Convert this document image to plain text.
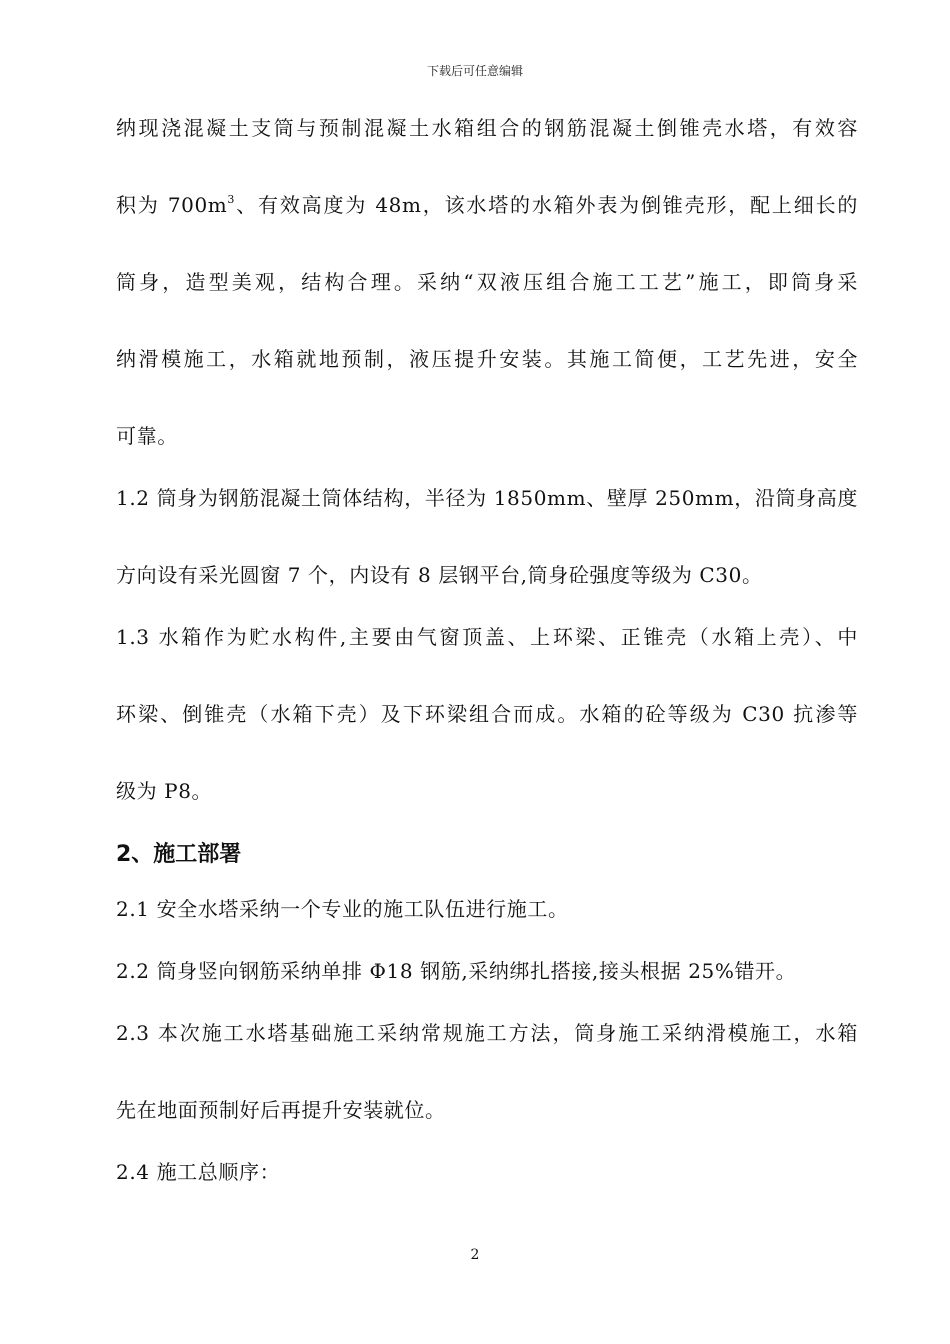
下载后可任意编辑
纳现浇混凝土支筒与预制混凝土水箱组合的钢筋混凝土倒锥壳水塔，有效容
积为 $700m^3$、有效高度为 48m，该水塔的水箱外表为倒锥壳形，配上细长的
筒身，造型美观，结构合理。采纳“双液压组合施工工艺”施工，即筒身采
纳滑模施工，水箱就地预制，液压提升安装。其施工简便，工艺先进，安全
可靠。
1.2 筒身为钢筋混凝土筒体结构，半径为 1850mm、壁厚 250mm，沿筒身高度
方向设有采光圆窗 7 个，内设有 8 层钢平台,筒身砼强度等级为 C30。
1.3 水箱作为贮水构件,主要由气窗顶盖、上环梁、正锥壳（水箱上壳）、中
环梁、倒锥壳（水箱下壳）及下环梁组合而成。水箱的砼等级为 C30 抗渗等
级为 P8。
2、施工部署
2.1 安全水塔采纳一个专业的施工队伍进行施工。
2.2 筒身竖向钢筋采纳单排 Φ18 钢筋,采纳绑扎搭接,接头根据 25%错开。
2.3 本次施工水塔基础施工采纳常规施工方法，筒身施工采纳滑模施工，水箱
先在地面预制好后再提升安装就位。
2.4 施工总顺序：
2
